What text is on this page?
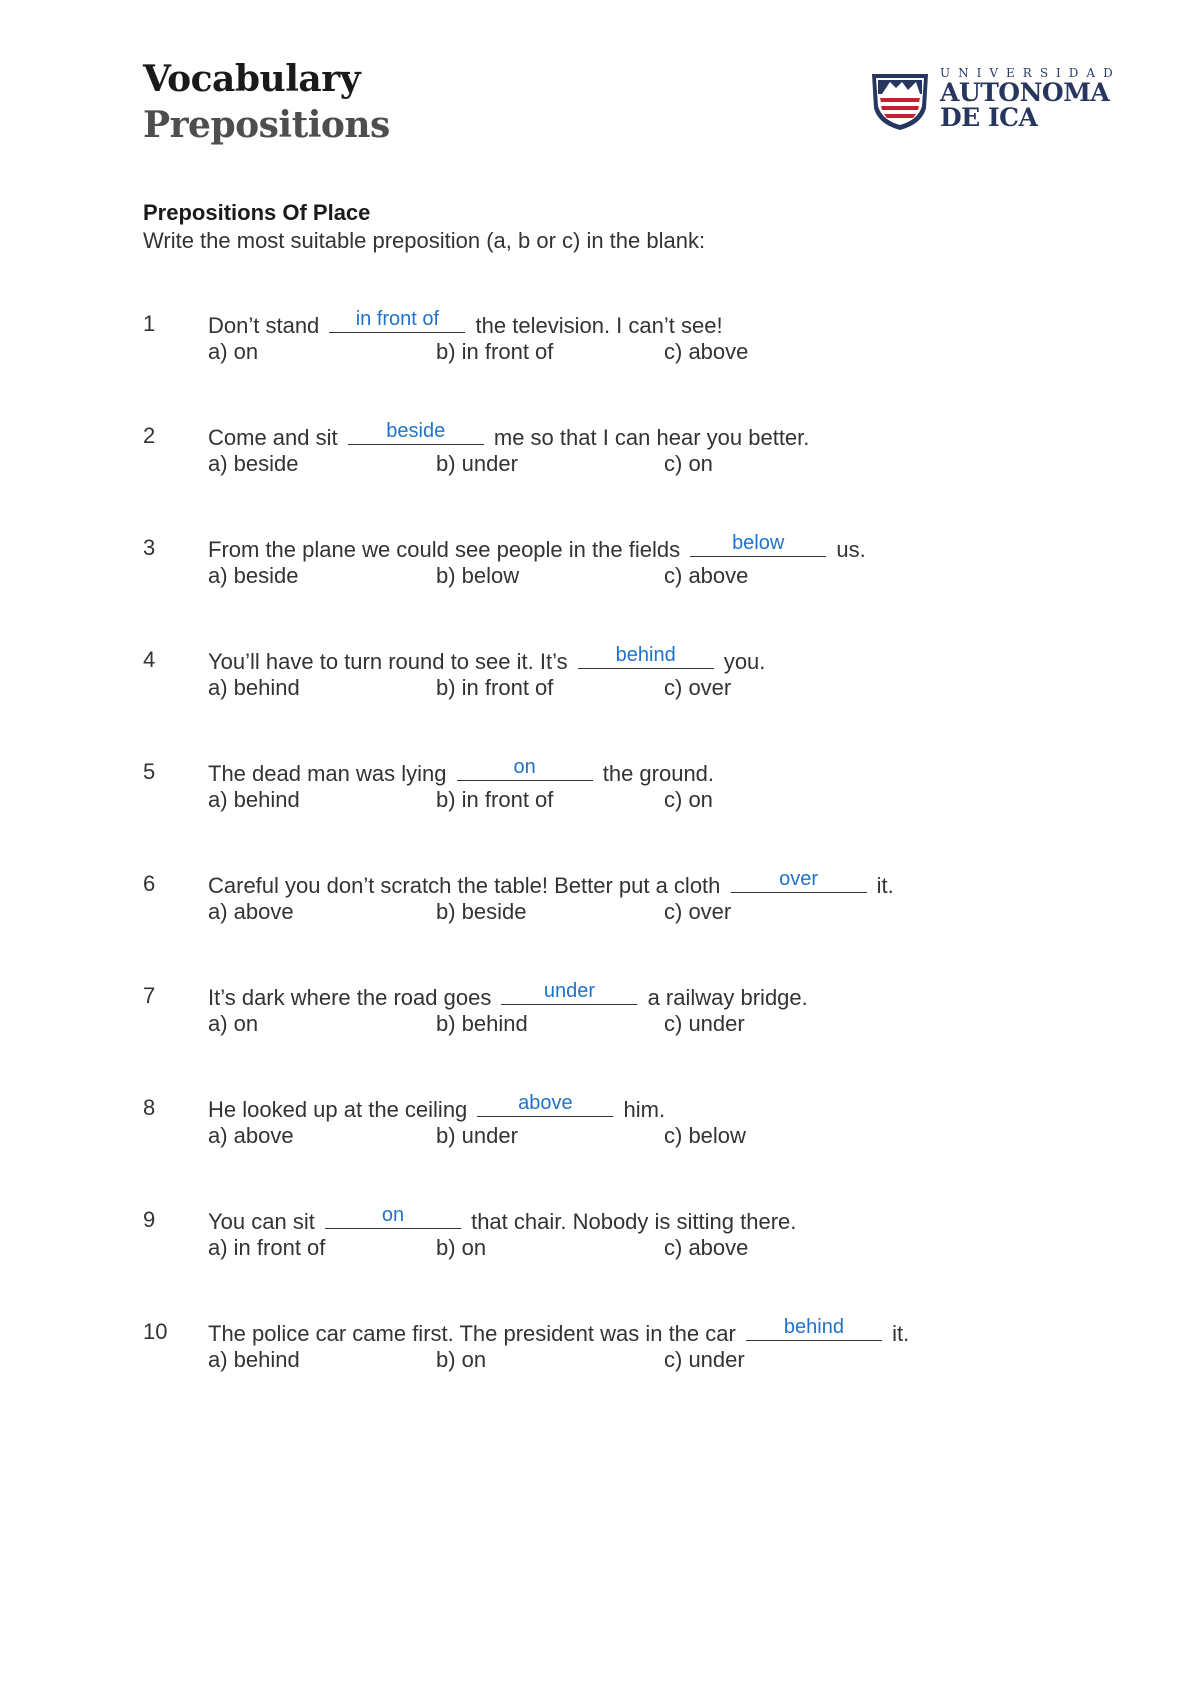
Vocabulary
Prepositions
UNIVERSIDAD
AUTONOMA
DE ICA
Prepositions Of Place
Write the most suitable preposition (a, b or c) in the blank:
1 Don’t stand	in front of	the television. I can’t see!
a) on	b) in front of	c) above
2 Come and sit	beside	me so that I can hear you better.
a) beside	b) under	c) on
3 From the plane we could see people in the fields	below	us.
a) beside	b) below	c) above
4 You’ll have to turn round to see it. It’s	behind	you.
a) behind	b) in front of	c) over
5 The dead man was lying	on	the ground.
a) behind	b) in front of	c) on
6 Careful you don’t scratch the table! Better put a cloth	over	it.
a) above	b) beside	c) over
7 It’s dark where the road goes	under	a railway bridge.
a) on	b) behind	c) under
8 He looked up at the ceiling	above	him.
a) above	b) under	c) below
9 You can sit	on	that chair. Nobody is sitting there.
a) in front of	b) on	c) above
10 The police car came first. The president was in the car	behind	it.
a) behind	b) on	c) under
